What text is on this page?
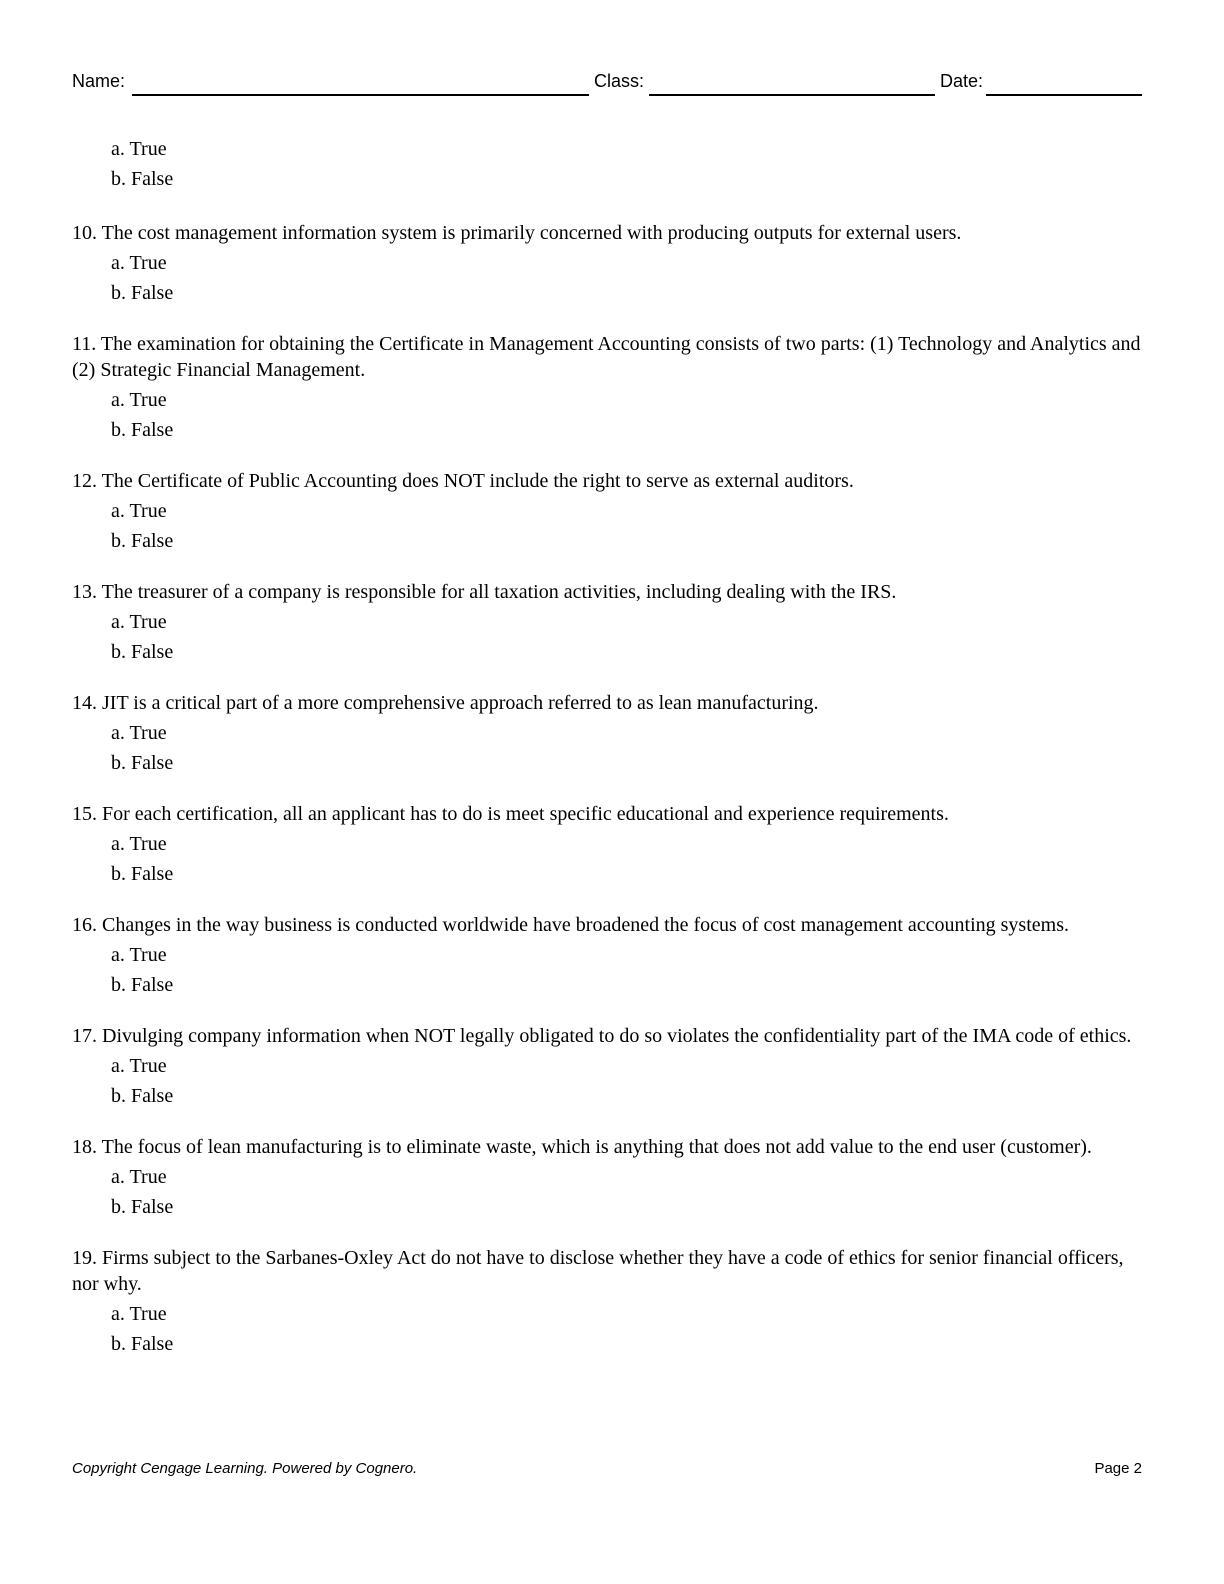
Name:	Class:	Date:
a. True
b. False

10. The cost management information system is primarily concerned with producing outputs for external users.

a. True
b. False

11. The examination for obtaining the Certificate in Management Accounting consists of two parts: (1) Technology and Analytics and (2) Strategic Financial Management.

a. True
b. False

12. The Certificate of Public Accounting does NOT include the right to serve as external auditors.

a. True
b. False

13. The treasurer of a company is responsible for all taxation activities, including dealing with the IRS.

a. True
b. False

14. JIT is a critical part of a more comprehensive approach referred to as lean manufacturing.

a. True
b. False

15. For each certification, all an applicant has to do is meet specific educational and experience requirements.

a. True
b. False

16. Changes in the way business is conducted worldwide have broadened the focus of cost management accounting systems.

a. True
b. False

17. Divulging company information when NOT legally obligated to do so violates the confidentiality part of the IMA code of ethics.

a. True
b. False

18. The focus of lean manufacturing is to eliminate waste, which is anything that does not add value to the end user (customer).

a. True
b. False

19. Firms subject to the Sarbanes-Oxley Act do not have to disclose whether they have a code of ethics for senior financial officers, nor why.

a. True
b. False
Copyright Cengage Learning. Powered by Cognero.	Page 2
